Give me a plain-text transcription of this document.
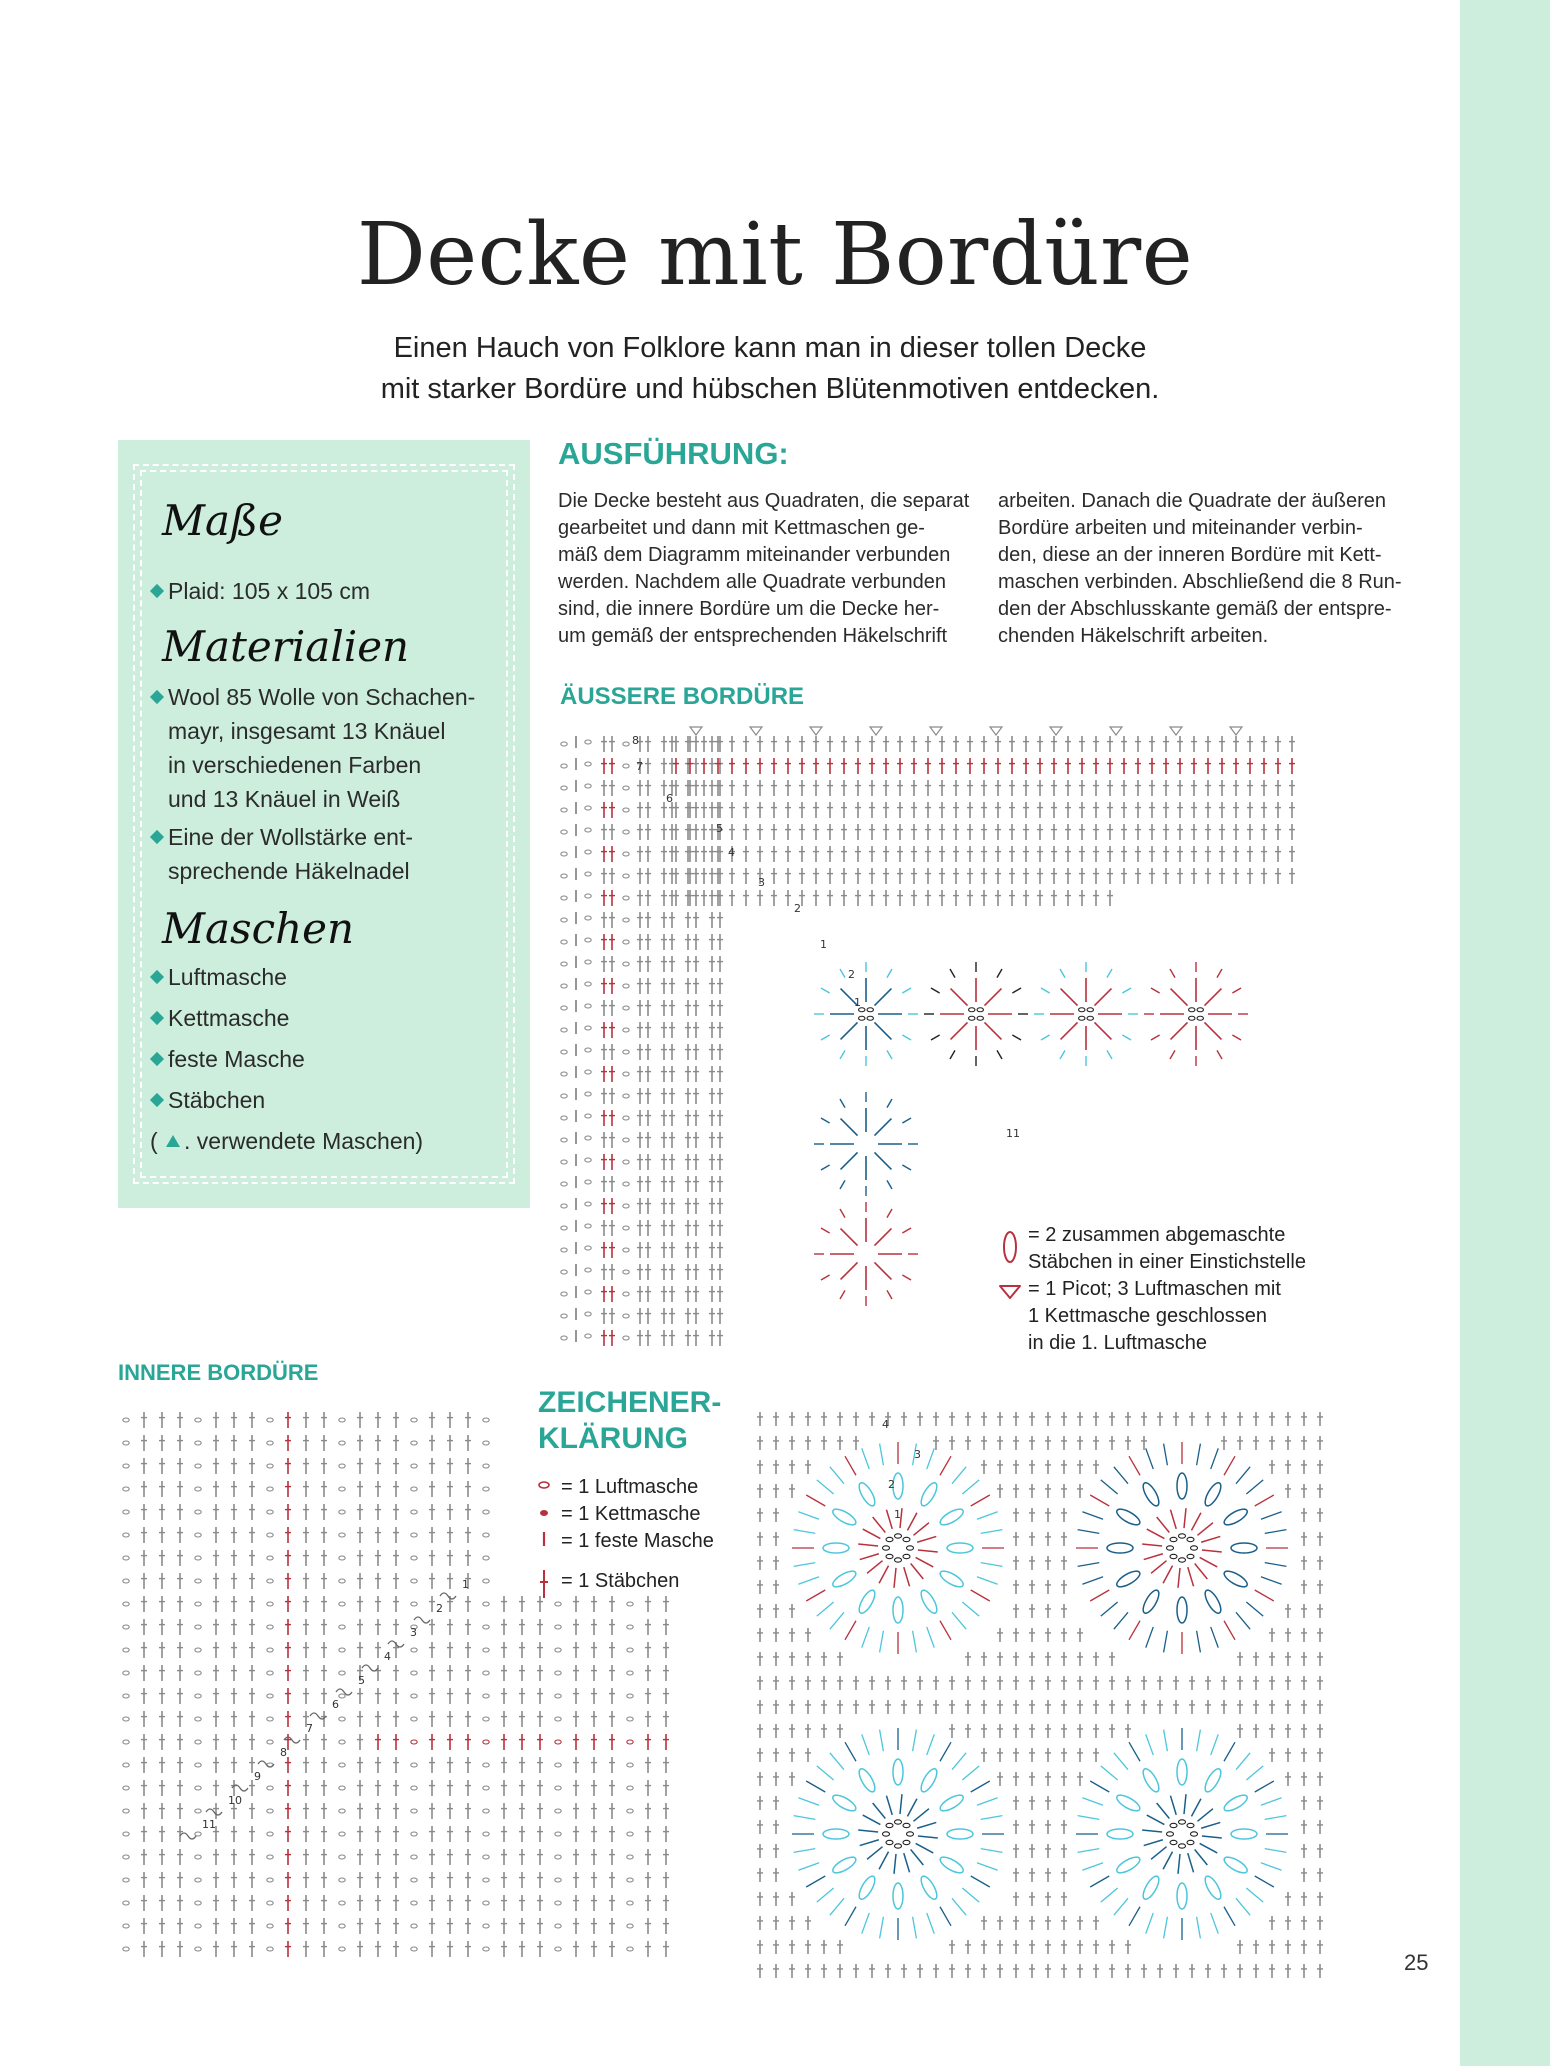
Decke mit Bordüre
Einen Hauch von Folklore kann man in dieser tollen Decke
mit starker Bordüre und hübschen Blütenmotiven entdecken.
Maße
Plaid: 105 x 105 cm
Materialien
Wool 85 Wolle von Schachen-
mayr, insgesamt 13 Knäuel
in verschiedenen Farben
und 13 Knäuel in Weiß
Eine der Wollstärke ent-
sprechende Häkelnadel
Maschen
Luftmasche
Kettmasche
feste Masche
Stäbchen
(	. verwendete Maschen)
AUSFÜHRUNG:
Die Decke besteht aus Quadraten, die separat
gearbeitet und dann mit Kettmaschen ge-
mäß dem Diagramm miteinander verbunden
werden. Nachdem alle Quadrate verbunden
sind, die innere Bordüre um die Decke her-
um gemäß der entsprechenden Häkelschrift
arbeiten. Danach die Quadrate der äußeren
Bordüre arbeiten und miteinander verbin-
den, diese an der inneren Bordüre mit Kett-
maschen verbinden. Abschließend die 8 Run-
den der Abschlusskante gemäß der entspre-
chenden Häkelschrift arbeiten.
ÄUSSERE BORDÜRE
INNERE BORDÜRE
ZEICHENER-
KLÄRUNG
= 1 Luftmasche
= 1 Kettmasche
= 1 feste Masche
= 1 Stäbchen
= 2 zusammen abgemaschte
Stäbchen in einer Einstichstelle
= 1 Picot; 3 Luftmaschen mit
1 Kettmasche geschlossen
in die 1. Luftmasche
8
7
6
5
4
3
2
1
2
1
11
1
2
3
4
5
6
7
8
9
10
11
4
3
2
1
25
